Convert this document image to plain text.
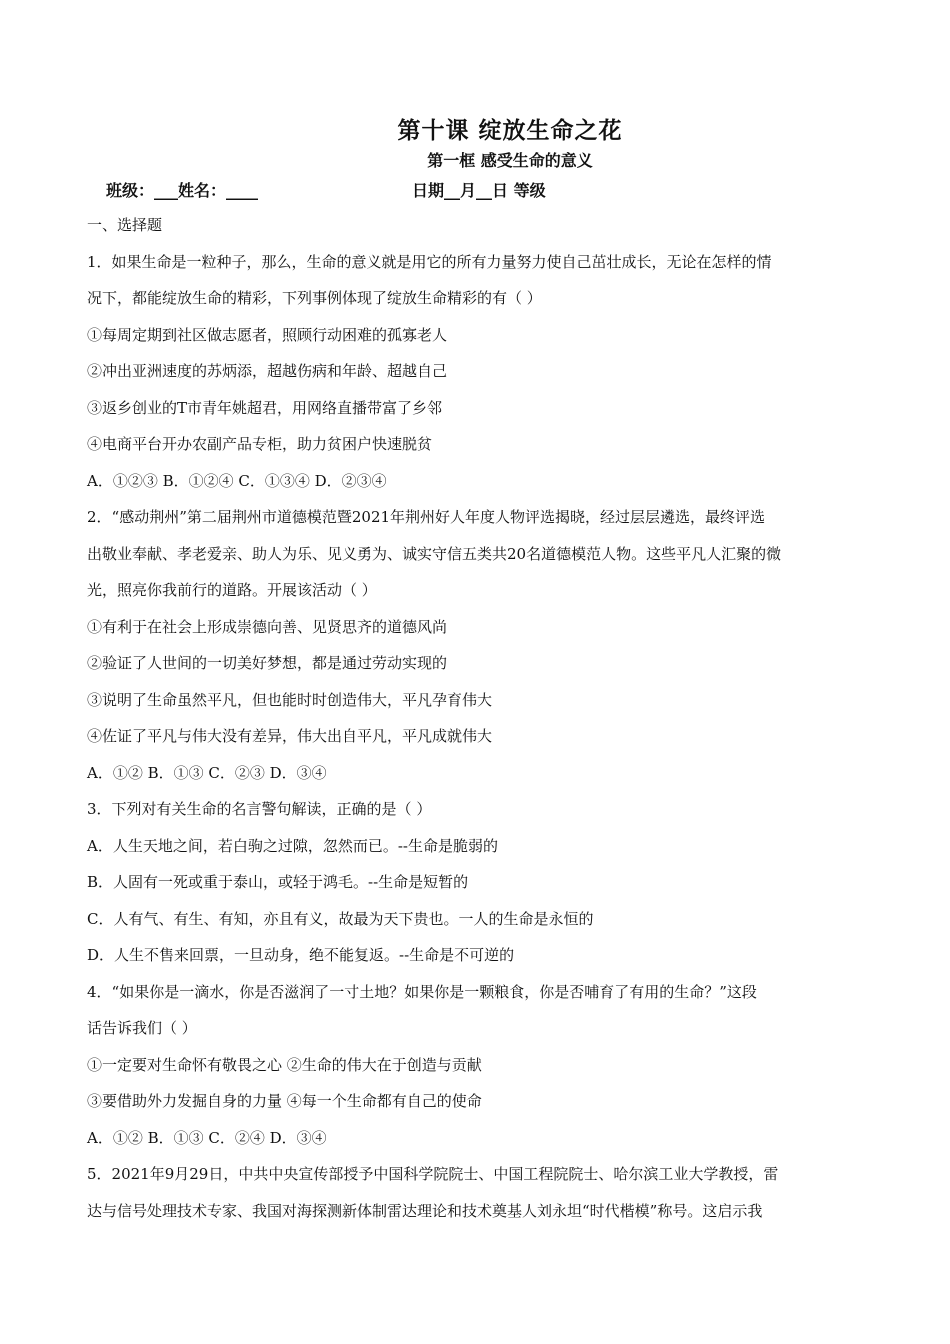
第十课 绽放生命之花
第一框 感受生命的意义
班级：___姓名：____	日期__月__日 等级
一、选择题
1．如果生命是一粒种子，那么，生命的意义就是用它的所有力量努力使自己茁壮成长，无论在怎样的情
况下，都能绽放生命的精彩，下列事例体现了绽放生命精彩的有（ ）
①每周定期到社区做志愿者，照顾行动困难的孤寡老人
②冲出亚洲速度的苏炳添，超越伤病和年龄、超越自己
③返乡创业的T市青年姚超君，用网络直播带富了乡邻
④电商平台开办农副产品专柜，助力贫困户快速脱贫
A．①②③ B．①②④ C．①③④ D．②③④
2．“感动荆州”第二届荆州市道德模范暨2021年荆州好人年度人物评选揭晓，经过层层遴选，最终评选
出敬业奉献、孝老爱亲、助人为乐、见义勇为、诚实守信五类共20名道德模范人物。这些平凡人汇聚的微
光，照亮你我前行的道路。开展该活动（ ）
①有利于在社会上形成崇德向善、见贤思齐的道德风尚
②验证了人世间的一切美好梦想，都是通过劳动实现的
③说明了生命虽然平凡，但也能时时创造伟大，平凡孕育伟大
④佐证了平凡与伟大没有差异，伟大出自平凡，平凡成就伟大
A．①② B．①③ C．②③ D．③④
3．下列对有关生命的名言警句解读，正确的是（ ）
A．人生天地之间，若白驹之过隙，忽然而已。--生命是脆弱的
B．人固有一死或重于泰山，或轻于鸿毛。--生命是短暂的
C．人有气、有生、有知，亦且有义，故最为天下贵也。一人的生命是永恒的
D．人生不售来回票，一旦动身，绝不能复返。--生命是不可逆的
4．“如果你是一滴水，你是否滋润了一寸土地？如果你是一颗粮食，你是否哺育了有用的生命？”这段
话告诉我们（ ）
①一定要对生命怀有敬畏之心 ②生命的伟大在于创造与贡献
③要借助外力发掘自身的力量 ④每一个生命都有自己的使命
A．①② B．①③ C．②④ D．③④
5．2021年9月29日，中共中央宣传部授予中国科学院院士、中国工程院院士、哈尔滨工业大学教授，雷
达与信号处理技术专家、我国对海探测新体制雷达理论和技术奠基人刘永坦“时代楷模”称号。这启示我
